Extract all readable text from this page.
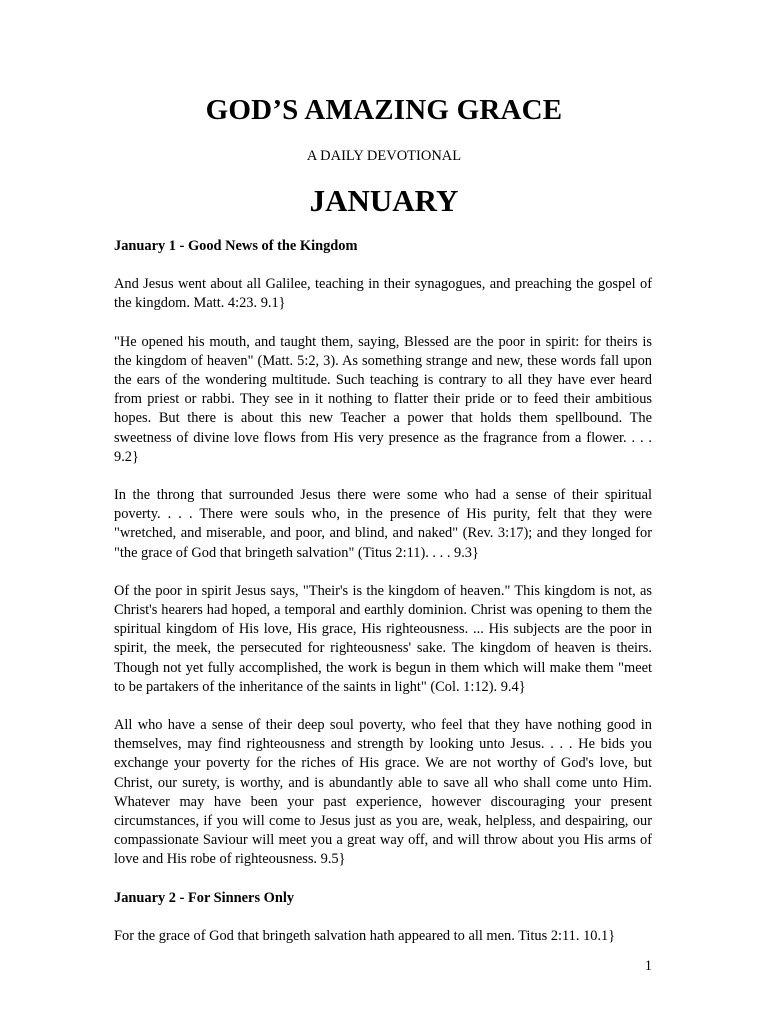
GOD’S AMAZING GRACE
A DAILY DEVOTIONAL
JANUARY
January 1 - Good News of the Kingdom

And Jesus went about all Galilee, teaching in their synagogues, and preaching the gospel of the kingdom. Matt. 4:23. 9.1}

"He opened his mouth, and taught them, saying, Blessed are the poor in spirit: for theirs is the kingdom of heaven" (Matt. 5:2, 3). As something strange and new, these words fall upon the ears of the wondering multitude. Such teaching is contrary to all they have ever heard from priest or rabbi. They see in it nothing to flatter their pride or to feed their ambitious hopes. But there is about this new Teacher a power that holds them spellbound. The sweetness of divine love flows from His very presence as the fragrance from a flower. . . . 9.2}

In the throng that surrounded Jesus there were some who had a sense of their spiritual poverty. . . . There were souls who, in the presence of His purity, felt that they were "wretched, and miserable, and poor, and blind, and naked" (Rev. 3:17); and they longed for "the grace of God that bringeth salvation" (Titus 2:11). . . . 9.3}

Of the poor in spirit Jesus says, "Their's is the kingdom of heaven." This kingdom is not, as Christ's hearers had hoped, a temporal and earthly dominion. Christ was opening to them the spiritual kingdom of His love, His grace, His righteousness. ... His subjects are the poor in spirit, the meek, the persecuted for righteousness' sake. The kingdom of heaven is theirs. Though not yet fully accomplished, the work is begun in them which will make them "meet to be partakers of the inheritance of the saints in light" (Col. 1:12). 9.4}

All who have a sense of their deep soul poverty, who feel that they have nothing good in themselves, may find righteousness and strength by looking unto Jesus. . . . He bids you exchange your poverty for the riches of His grace. We are not worthy of God's love, but Christ, our surety, is worthy, and is abundantly able to save all who shall come unto Him. Whatever may have been your past experience, however discouraging your present circumstances, if you will come to Jesus just as you are, weak, helpless, and despairing, our compassionate Saviour will meet you a great way off, and will throw about you His arms of love and His robe of righteousness. 9.5}

January 2 - For Sinners Only

For the grace of God that bringeth salvation hath appeared to all men. Titus 2:11. 10.1}

1
